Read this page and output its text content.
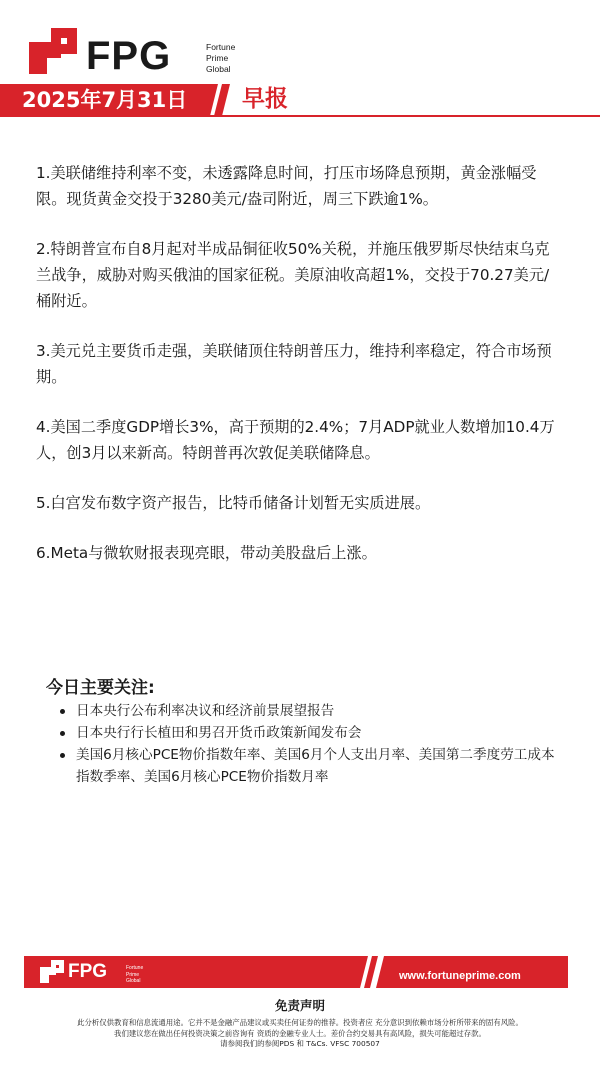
FPG	Fortune
Prime
Global
2025年7月31日 早报
1.美联储维持利率不变，未透露降息时间，打压市场降息预期，黄金涨幅受限。现货黄金交投于3280美元/盎司附近，周三下跌逾1%。
2.特朗普宣布自8月起对半成品铜征收50%关税，并施压俄罗斯尽快结束乌克兰战争，威胁对购买俄油的国家征税。美原油收高超1%，交投于70.27美元/桶附近。
3.美元兑主要货币走强，美联储顶住特朗普压力，维持利率稳定，符合市场预期。
4.美国二季度GDP增长3%，高于预期的2.4%；7月ADP就业人数增加10.4万人，创3月以来新高。特朗普再次敦促美联储降息。
5.白宫发布数字资产报告，比特币储备计划暂无实质进展。
6.Meta与微软财报表现亮眼，带动美股盘后上涨。
今日主要关注:
日本央行公布利率决议和经济前景展望报告
日本央行行长植田和男召开货币政策新闻发布会
美国6月核心PCE物价指数年率、美国6月个人支出月率、美国第二季度劳工成本指数季率、美国6月核心PCE物价指数月率
FPG	Fortune
Prime
Global	www.fortuneprime.com
免责声明
此分析仅供教育和信息流通用途。它并不是金融产品建议或买卖任何证券的推荐。投资者应 充分意识到依赖市场分析所带来的固有风险。
我们建议您在做出任何投资决策之前咨询有 资质的金融专业人士。差价合约交易具有高风险，损失可能超过存款。
请参阅我们的参阅PDS 和 T&Cs. VFSC 700507
